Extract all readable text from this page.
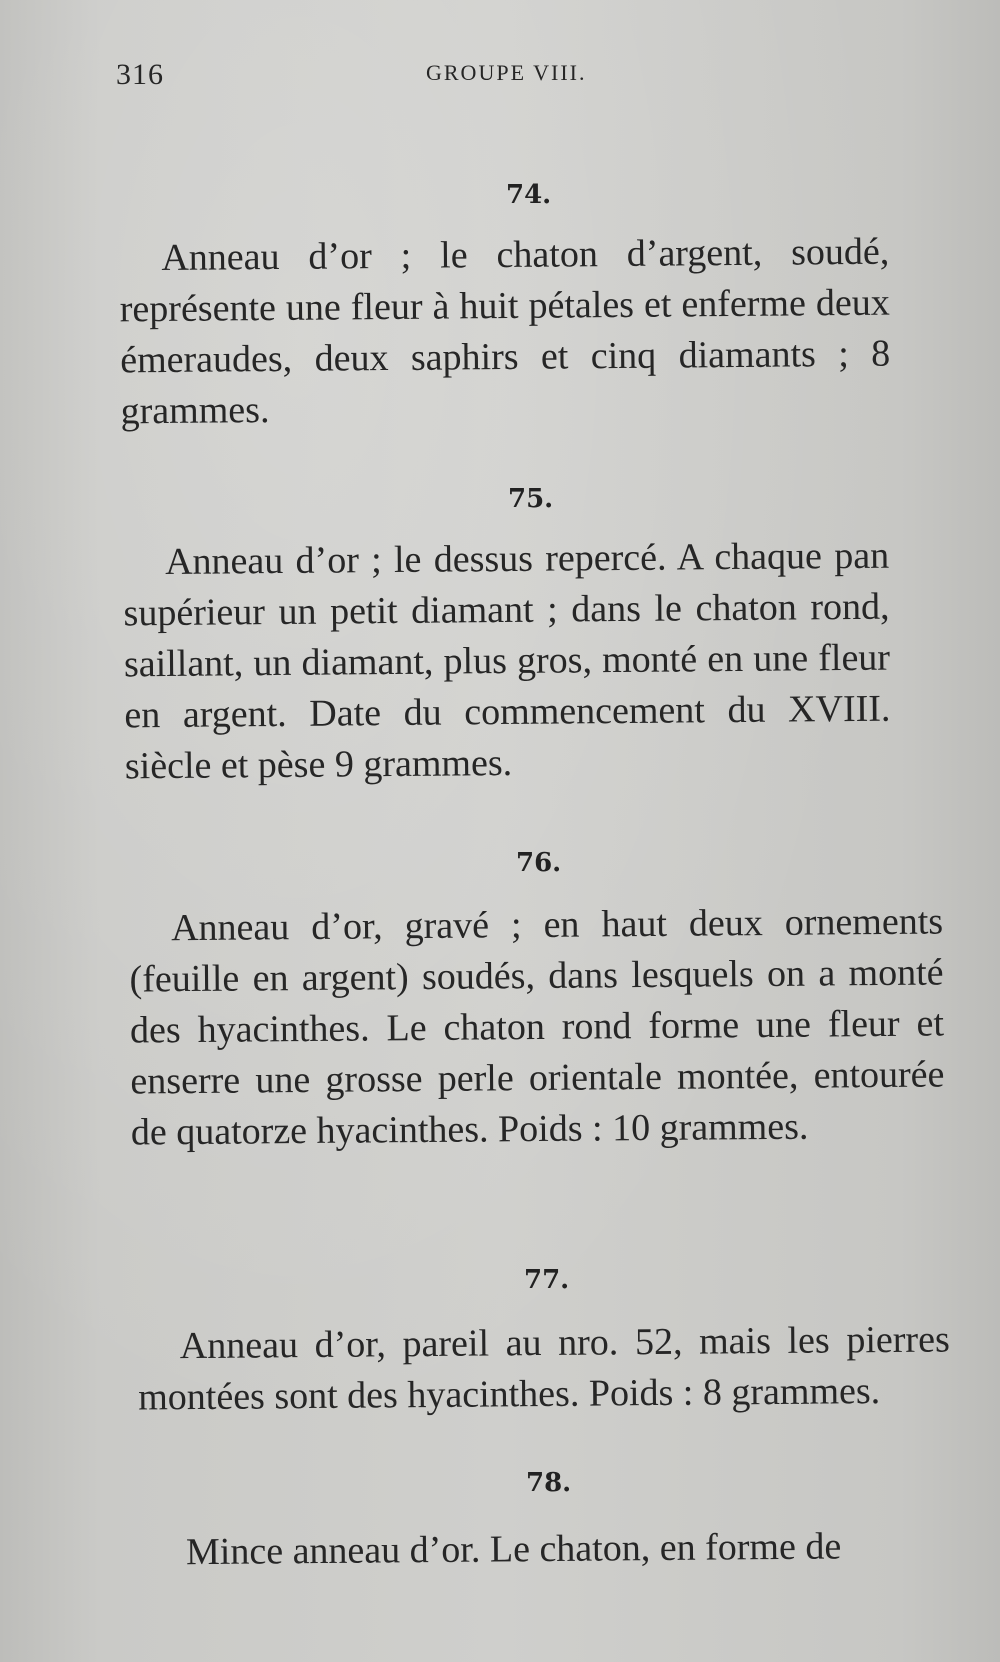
316	GROUPE VIII.
74.
Anneau d’or ; le chaton d’argent, soudé, représente une fleur à huit pétales et enferme deux émeraudes, deux saphirs et cinq diamants ; 8 grammes.
75.
Anneau d’or ; le dessus repercé. A chaque pan supérieur un petit diamant ; dans le chaton rond, saillant, un diamant, plus gros, monté en une fleur en argent. Date du commencement du XVIII. siècle et pèse 9 grammes.
76.
Anneau d’or, gravé ; en haut deux ornements (feuille en argent) soudés, dans lesquels on a monté des hyacinthes. Le chaton rond forme une fleur et enserre une grosse perle orientale montée, entourée de quatorze hyacinthes. Poids : 10 grammes.
77.
Anneau d’or, pareil au nro. 52, mais les pierres montées sont des hyacinthes. Poids : 8 grammes.
78.
Mince anneau d’or. Le chaton, en forme de
